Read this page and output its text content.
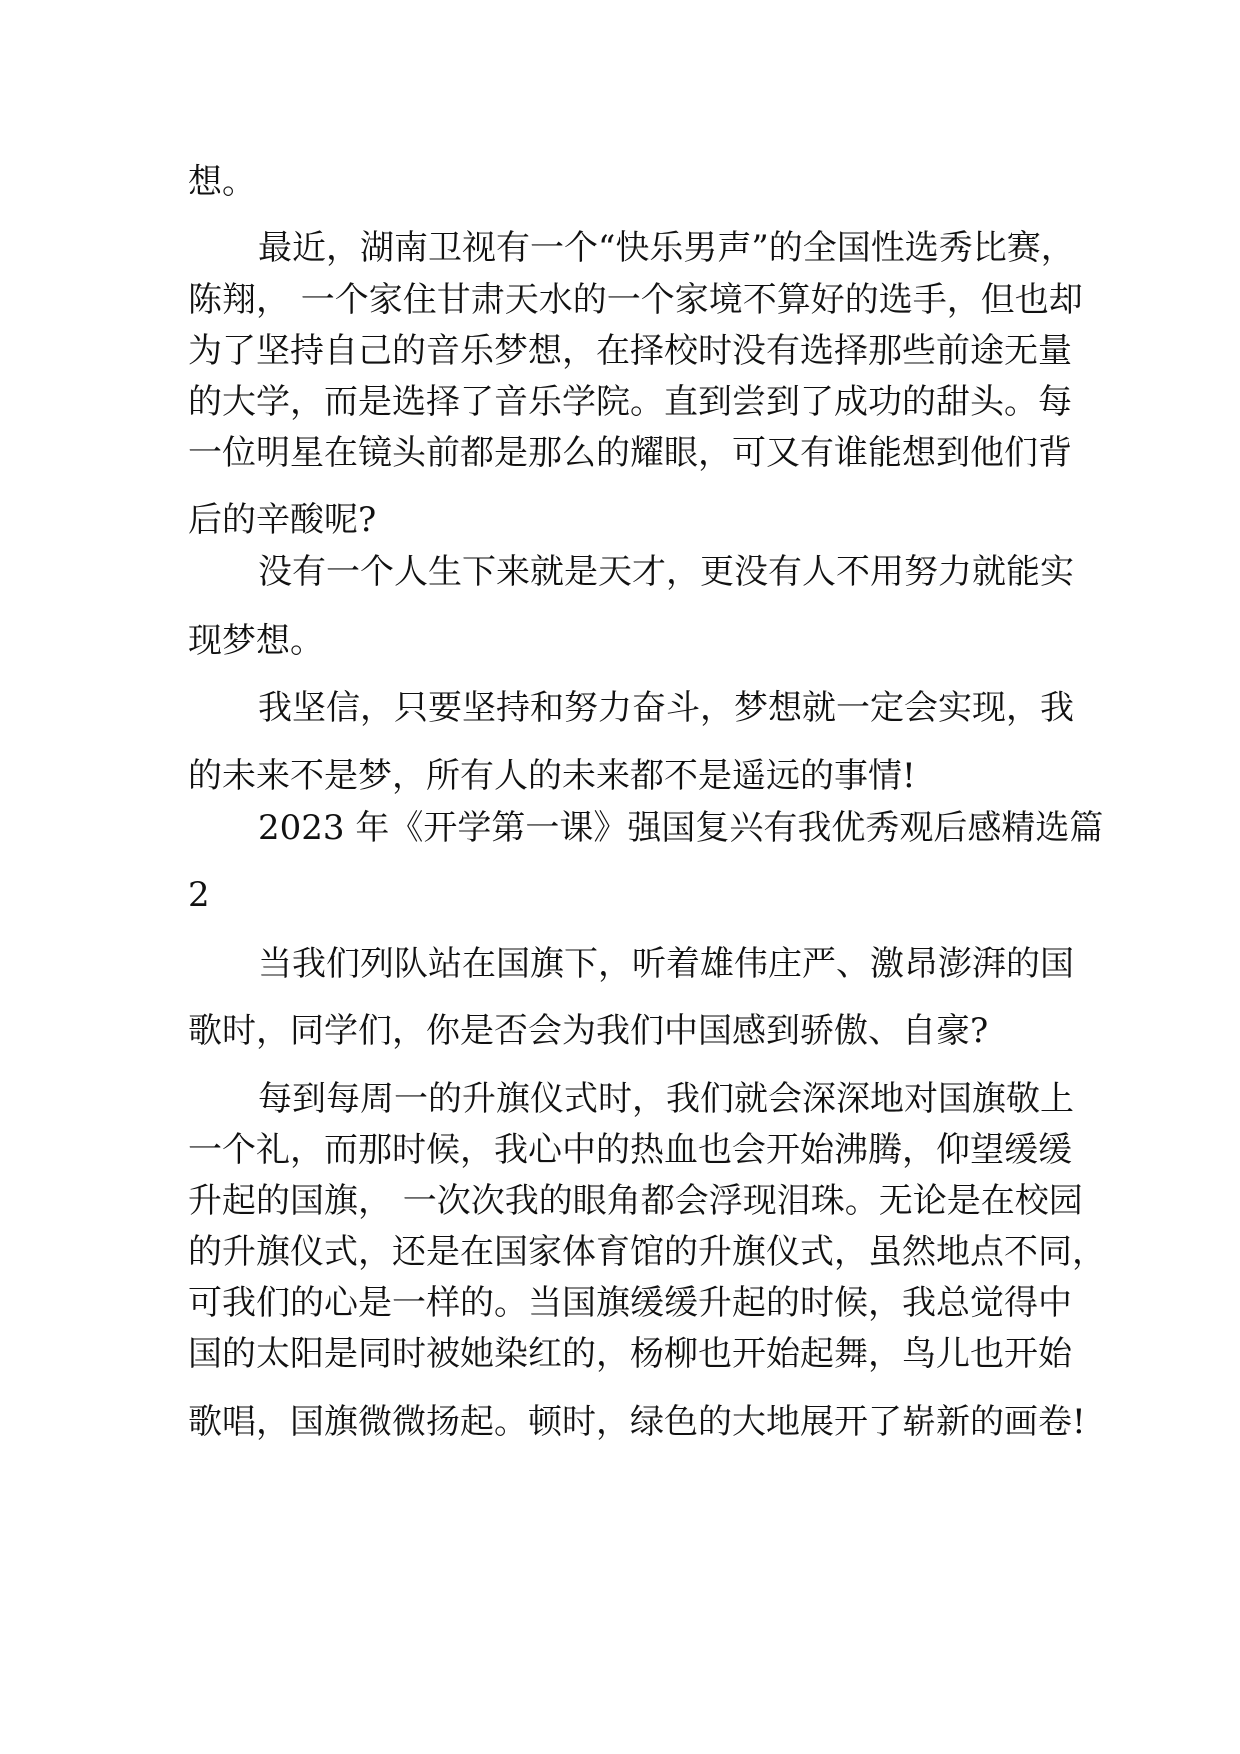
想。

最近，湖南卫视有一个“快乐男声”的全国性选秀比赛，

陈翔， 一个家住甘肃天水的一个家境不算好的选手，但也却

为了坚持自己的音乐梦想，在择校时没有选择那些前途无量

的大学，而是选择了音乐学院。直到尝到了成功的甜头。每

一位明星在镜头前都是那么的耀眼，可又有谁能想到他们背

后的辛酸呢?

没有一个人生下来就是天才，更没有人不用努力就能实

现梦想。

我坚信，只要坚持和努力奋斗，梦想就一定会实现，我

的未来不是梦，所有人的未来都不是遥远的事情!

2023 年《开学第一课》强国复兴有我优秀观后感精选篇

2

当我们列队站在国旗下，听着雄伟庄严、激昂澎湃的国

歌时，同学们，你是否会为我们中国感到骄傲、自豪?

每到每周一的升旗仪式时，我们就会深深地对国旗敬上

一个礼，而那时候，我心中的热血也会开始沸腾，仰望缓缓

升起的国旗， 一次次我的眼角都会浮现泪珠。无论是在校园

的升旗仪式，还是在国家体育馆的升旗仪式，虽然地点不同，

可我们的心是一样的。当国旗缓缓升起的时候，我总觉得中

国的太阳是同时被她染红的，杨柳也开始起舞，鸟儿也开始

歌唱，国旗微微扬起。顿时，绿色的大地展开了崭新的画卷!
